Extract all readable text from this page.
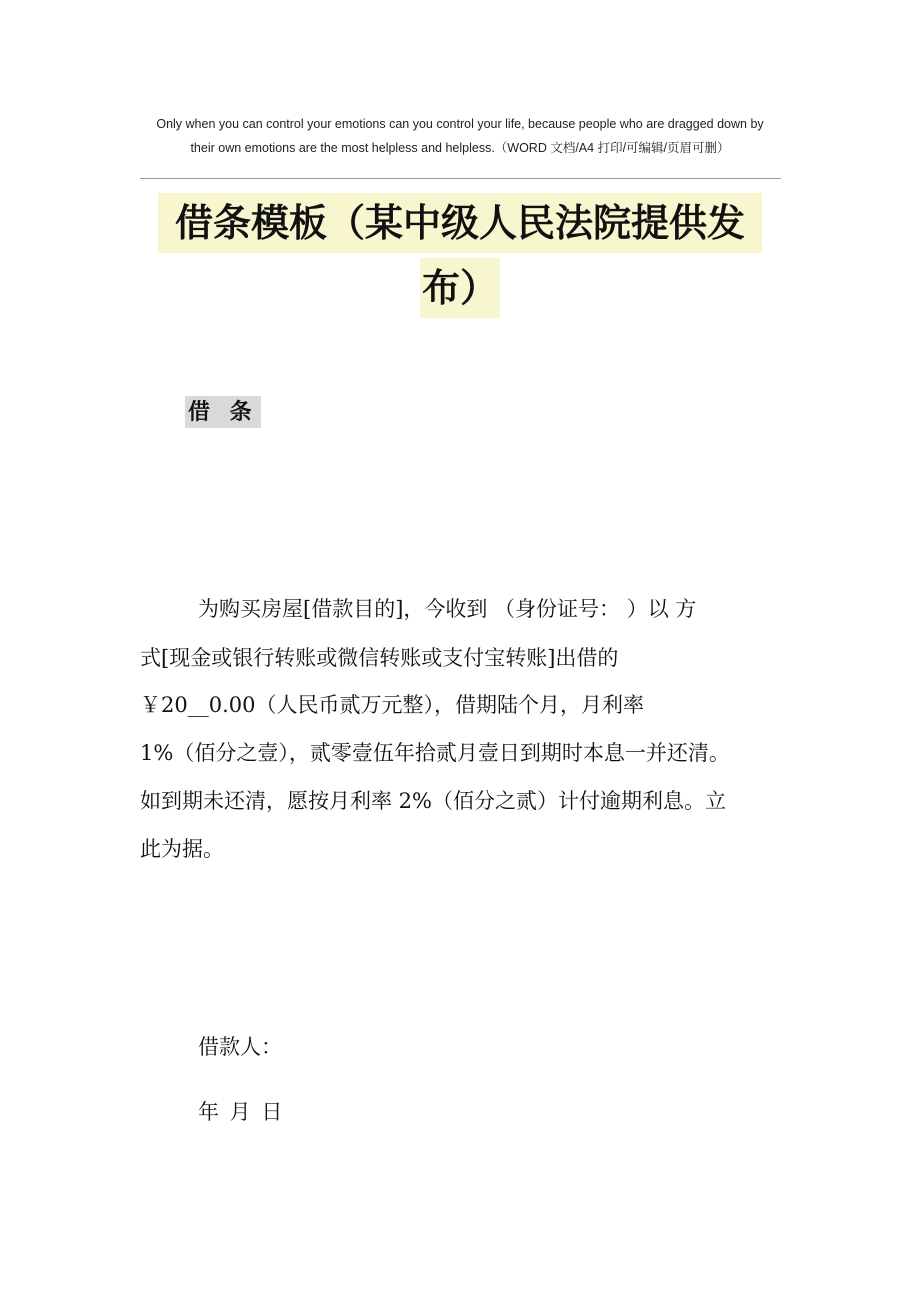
Only when you can control your emotions can you control your life, because people who are dragged down by
their own emotions are the most helpless and helpless.（WORD 文档/A4 打印/可编辑/页眉可删）
借条模板（某中级人民法院提供发
布）
借 条
为购买房屋[借款目的]，今收到 （身份证号： ）以 方
式[现金或银行转账或微信转账或支付宝转账]出借的
￥20__0.00（人民币贰万元整），借期陆个月，月利率
1%（佰分之壹），贰零壹伍年拾贰月壹日到期时本息一并还清。
如到期未还清，愿按月利率 2%（佰分之贰）计付逾期利息。立
此为据。
借款人：
年 月 日
